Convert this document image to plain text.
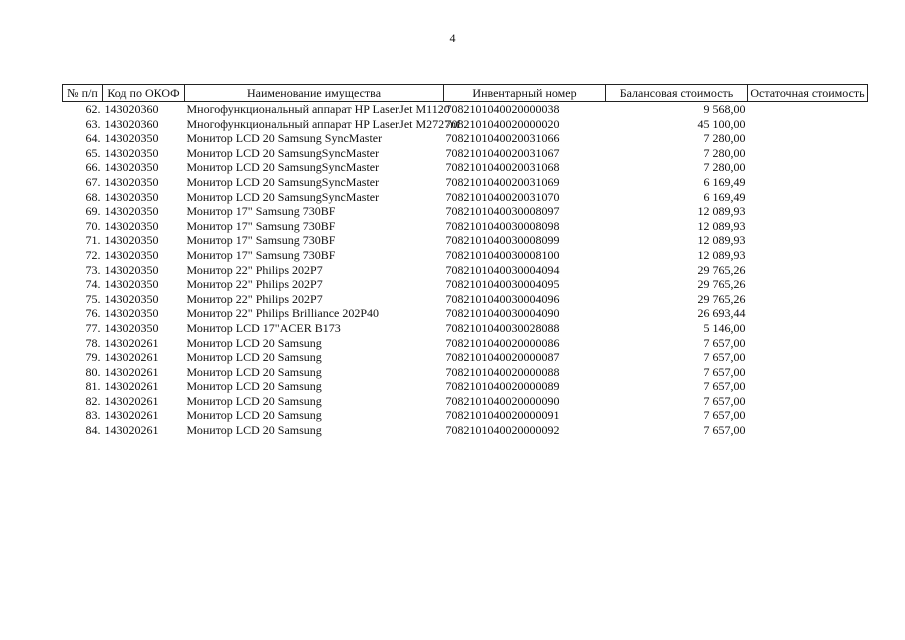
4
№ п/п	Код по ОКОФ	Наименование имущества	Инвентарный номер	Балансовая стоимость	Остаточная стоимость
62.	143020360	Многофункциональный аппарат HP LaserJet M1120	7082101040020000038	9 568,00	
63.	143020360	Многофункциональный аппарат HP LaserJet M2727nf	7082101040020000020	45 100,00	
64.	143020350	Монитор LCD 20 Samsung SyncMaster	7082101040020031066	7 280,00	
65.	143020350	Монитор LCD 20 SamsungSyncMaster	7082101040020031067	7 280,00	
66.	143020350	Монитор LCD 20 SamsungSyncMaster	7082101040020031068	7 280,00	
67.	143020350	Монитор LCD 20 SamsungSyncMaster	7082101040020031069	6 169,49	
68.	143020350	Монитор LCD 20 SamsungSyncMaster	7082101040020031070	6 169,49	
69.	143020350	Монитор 17" Samsung 730BF	7082101040030008097	12 089,93	
70.	143020350	Монитор 17" Samsung 730BF	7082101040030008098	12 089,93	
71.	143020350	Монитор 17" Samsung 730BF	7082101040030008099	12 089,93	
72.	143020350	Монитор 17" Samsung 730BF	7082101040030008100	12 089,93	
73.	143020350	Монитор 22" Philips 202P7	7082101040030004094	29 765,26	
74.	143020350	Монитор 22" Philips 202P7	7082101040030004095	29 765,26	
75.	143020350	Монитор 22" Philips 202P7	7082101040030004096	29 765,26	
76.	143020350	Монитор 22" Philips Brilliance 202P40	7082101040030004090	26 693,44	
77.	143020350	Монитор LCD 17"ACER B173	7082101040030028088	5 146,00	
78.	143020261	Монитор LCD 20 Samsung	7082101040020000086	7 657,00	
79.	143020261	Монитор LCD 20 Samsung	7082101040020000087	7 657,00	
80.	143020261	Монитор LCD 20 Samsung	7082101040020000088	7 657,00	
81.	143020261	Монитор LCD 20 Samsung	7082101040020000089	7 657,00	
82.	143020261	Монитор LCD 20 Samsung	7082101040020000090	7 657,00	
83.	143020261	Монитор LCD 20 Samsung	7082101040020000091	7 657,00	
84.	143020261	Монитор LCD 20 Samsung	7082101040020000092	7 657,00	
